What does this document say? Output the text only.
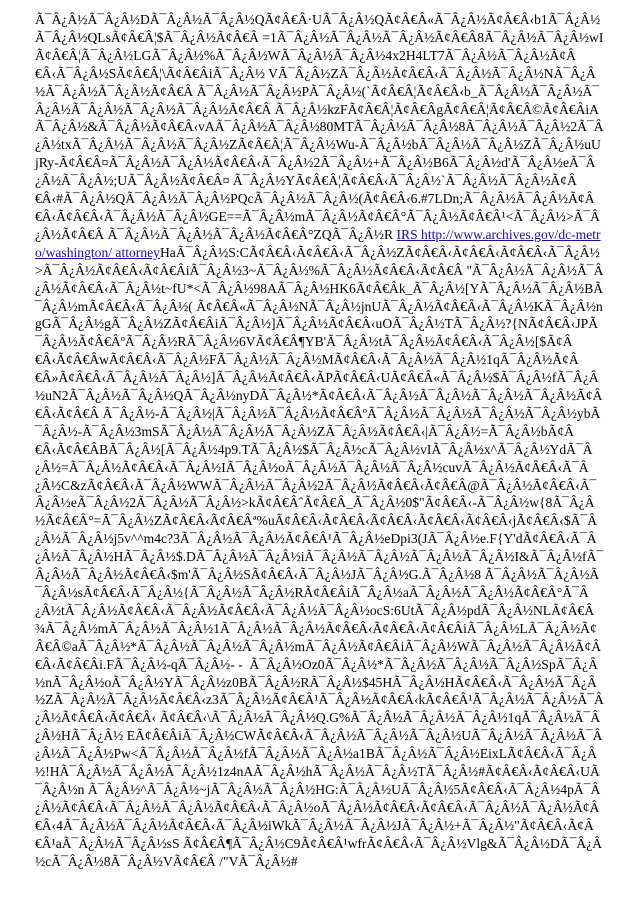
Ã¯Â¿Â½Ã¯Â¿Â½DÃ¯Â¿Â½Ã¯Â¿Â½QÃ¢Â€Â·UÃ¯Â¿Â½QÃ¢Â€Â«Ã¯Â¿Â½Ã¢Â€Â‹b1Ã¯Â¿Â½Ã¯Â¿Â½QLsÃ¢Â€Â¦$Ã¯Â¿Â½Ã¢Â€Â =1Ã¯Â¿Â½Ã¯Â¿Â½Ã¯Â¿Â½Ã¢Â€Â8Ã¯Â¿Â½Ã¯Â¿Â½wIÃ¢Â€Â¦Ã¯Â¿Â½LGÃ¯Â¿Â½%Ã¯Â¿Â½WÃ¯Â¿Â½Ã¯Â¿Â½4x2H4LT7Ã¯Â¿Â½Ã¯Â¿Â½Ã¢Â€Â‹Ã¯Â¿Â½SÃ¢Â€Â¦\Ã¢Â€ÂiÃ¯Â¿Â½ VÃ¯Â¿Â½ZÃ¯Â¿Â½Ã¢Â€Â‹Ã¯Â¿Â½Ã¯Â¿Â½NÃ¯Â¿Â½Ã¯Â¿Â½Ã¯Â¿Â½Ã¢Â€Â Ã¯Â¿Â½Ã¯Â¿Â½PÃ¯Â¿Â½(`Ã¢Â€Â¦Ã¢Â€Â‹b_Ã¯Â¿Â½Ã¯Â¿Â½Ã¯Â¿Â½Ã¯Â¿Â½Ã¯Â¿Â½Ã¯Â¿Â½Ã¢Â€Â Ã¯Â¿Â½kzFÃ¢Â€Â¦Ã¢Â€ÂgÃ¢Â€Â¦Ã¢Â€Â©Ã¢Â€ÂiAÃ¯Â¿Â½&Ã¯Â¿Â½Ã¢Â€Â‹vAÃ¯Â¿Â½Ã¯Â¿Â½80MTÃ¯Â¿Â½Ã¯Â¿Â½8Ã¯Â¿Â½Ã¯Â¿Â½2Ã¯Â¿Â½txÃ¯Â¿Â½Ã¯Â¿Â½Ã¯Â¿Â½ZÃ¢Â€Â¦Ã¯Â¿Â½Wu-Ã¯Â¿Â½bÃ¯Â¿Â½Ã¯Â¿Â½ZÃ¯Â¿Â½uUjRy-Ã¢Â€Â¤Ã¯Â¿Â½Ã¯Â¿Â½Ã¢Â€Â‹Ã¯Â¿Â½2Ã¯Â¿Â½+Ã¯Â¿Â½B6Ã¯Â¿Â½d'Ã¯Â¿Â½eÃ¯Â¿Â½Ã¯Â¿Â½;UÃ¯Â¿Â½Ã¢Â€Â¤ Ã¯Â¿Â½YÃ¢Â€Â¦Ã¢Â€Â‹Ã¯Â¿Â½`Ã¯Â¿Â½Ã¯Â¿Â½Ã¢Â€Â‹#Ã¯Â¿Â½QÃ¯Â¿Â½Ã¯Â¿Â½PQcÃ¯Â¿Â½Ã¯Â¿Â½(Ã¢Â€Â‹6.#7LDn;Ã¯Â¿Â½Ã¯Â¿Â½Ã¢Â€Â‹Ã¢Â€Â‹Ã¯Â¿Â½Ã¯Â¿Â½GE==Ã¯Â¿Â½mÃ¯Â¿Â½Ã¢Â€Â°Ã¯Â¿Â½Ã¢Â€Â¹<Ã¯Â¿Â½>Ã¯Â¿Â½Ã¢Â€Â Ã¯Â¿Â½Ã¯Â¿Â½Ã¯Â¿Â½Ã¢Â€Â°ZQÃ¯Â¿Â½R IRS http://www.archives.gov/dc-metro/washington/ attorneyHaÃ¯Â¿Â½S:CÃ¢Â€Â‹Ã¢Â€Â‹Ã¯Â¿Â½ZÃ¢Â€Â‹Ã¢Â€Â‹Ã¢Â€Â‹Ã¯Â¿Â½>Ã¯Â¿Â½Ã¢Â€Â‹Ã¢Â€ÂiÃ¯Â¿Â½3~Ã¯Â¿Â½%Ã¯Â¿Â½Ã¢Â€Â‹Ã¢Â€Â "Ã¯Â¿Â½Ã¯Â¿Â½Ã¯Â¿Â½Ã¢Â€Â‹Ã¯Â¿Â½t~fU*<Ã¯Â¿Â½98AÃ¯Â¿Â½HK6Ã¢Â€Âk_Ã¯Â¿Â½[YÃ¯Â¿Â½Ã¯Â¿Â½BÃ¯Â¿Â½mÃ¢Â€Â‹Ã¯Â¿Â½( Ã¢Â€Â«Ã¯Â¿Â½NÃ¯Â¿Â½jnUÃ¯Â¿Â½Ã¢Â€Â‹Ã¯Â¿Â½KÃ¯Â¿Â½ngGÃ¯Â¿Â½gÃ¯Â¿Â½ZÃ¢Â€ÂiÃ¯Â¿Â½]Ã¯Â¿Â½Ã¢Â€Â‹uOÃ¯Â¿Â½TÃ¯Â¿Â½?{NÃ¢Â€Â‹JPÃ¯Â¿Â½Ã¢Â€ÂºÃ¯Â¿Â½RÃ¯Â¿Â½6VÃ¢Â€Â¶YB'Ã¯Â¿Â½tÃ¯Â¿Â½Ã¢Â€Â‹Ã¯Â¿Â½[$Ã¢Â€Â‹Ã¢Â€ÂwÃ¢Â€Â‹Ã¯Â¿Â½FÃ¯Â¿Â½Ã¯Â¿Â½MÃ¢Â€Â‹Ã¯Â¿Â½Ã¯Â¿Â½1qÃ¯Â¿Â½Ã¢Â€Â»Ã¢Â€Â‹Ã¯Â¿Â½Ã¯Â¿Â½]Ã¯Â¿Â½Ã¢Â€Â‹ÃPÃ¢Â€Â‹UÃ¢Â€Â«Ã¯Â¿Â½$Ã¯Â¿Â½fÃ¯Â¿Â½uN2Ã¯Â¿Â½Ã¯Â¿Â½QÃ¯Â¿Â½nyDÃ¯Â¿Â½*Ã¢Â€Â‹Ã¯Â¿Â½Ã¯Â¿Â½Ã¯Â¿Â½Ã¯Â¿Â½Ã¢Â€Â‹Ã¢Â€Â Ã¯Â¿Â½-Ã¯Â¿Â½|Ã¯Â¿Â½Ã¯Â¿Â½Ã¢Â€ÂºÃ¯Â¿Â½Ã¯Â¿Â½Ã¯Â¿Â½Ã¯Â¿Â½ybÃ¯Â¿Â½-Ã¯Â¿Â½3mSÃ¯Â¿Â½Ã¯Â¿Â½Ã¯Â¿Â½ZÃ¯Â¿Â½Ã¢Â€Â‹|Ã¯Â¿Â½=Ã¯Â¿Â½bÃ¢Â€Â‹Ã¢Â€ÂBÃ¯Â¿Â½[Ã¯Â¿Â½4p9.TÃ¯Â¿Â½$Ã¯Â¿Â½cÃ¯Â¿Â½vIÃ¯Â¿Â½x^Ã¯Â¿Â½YdÃ¯Â¿Â½=Ã¯Â¿Â½Ã¢Â€Â‹Ã¯Â¿Â½IÃ¯Â¿Â½oÃ¯Â¿Â½Ã¯Â¿Â½Ã¯Â¿Â½cuvÃ¯Â¿Â½Ã¢Â€Â‹Ã¯Â¿Â½C&zÃ¢Â€Â‹Ã¯Â¿Â½WWÃ¯Â¿Â½Ã¯Â¿Â½2Ã¯Â¿Â½Ã¢Â€Â‹Ã¢Â€Â@Ã¯Â¿Â½Ã¢Â€Â‹Ã¯Â¿Â½eÃ¯Â¿Â½2Ã¯Â¿Â½Ã¯Â¿Â½>kÃ¢Â€ÂˆÃ¢Â€Â_Ã¯Â¿Â½0$"Ã¢Â€Â‹-Ã¯Â¿Â½w{8Ã¯Â¿Â½Ã¢Â€Â°=Ã¯Â¿Â½ZÃ¢Â€Â‹Ã¢Â€Âª%uÃ¢Â€Â‹Ã¢Â€Â‹Ã¢Â€Â‹Ã¢Â€Â‹Ã¢Â€Â‹jÃ¢Â€Â‹$Ã¯Â¿Â½Ã¯Â¿Â½j5v^^m4c?3Ã¯Â¿Â½Ã¯Â¿Â½Ã¢Â€Â¹Ã¯Â¿Â½eDpi3(JÃ¯Â¿Â½e.F{Y'dÃ¢Â€Â‹Ã¯Â¿Â½Ã¯Â¿Â½HÃ¯Â¿Â½$.DÃ¯Â¿Â½Ã¯Â¿Â½iÃ¯Â¿Â½Ã¯Â¿Â½Ã¯Â¿Â½Ã¯Â¿Â½I&Ã¯Â¿Â½fÃ¯Â¿Â½Ã¯Â¿Â½Ã¢Â€Â‹$m'Ã¯Â¿Â½SÃ¢Â€Â‹Ã¯Â¿Â½JÃ¯Â¿Â½G.Ã¯Â¿Â½8 Ã¯Â¿Â½Ã¯Â¿Â½Ã¯Â¿Â½sÃ¢Â€Â‹Ã¯Â¿Â½{Ã¯Â¿Â½Ã¯Â¿Â½RÃ¢Â€ÂiÃ¯Â¿Â½aÃ¯Â¿Â½Ã¯Â¿Â½Ã¢Â€Â°Ã¯Â¿Â½tÃ¯Â¿Â½Ã¢Â€Â‹Ã¯Â¿Â½Ã¢Â€Â‹Ã¯Â¿Â½Ã¯Â¿Â½ocS:6UtÃ¯Â¿Â½pdÃ¯Â¿Â½NLÃ¢Â€Â¾Ã¯Â¿Â½mÃ¯Â¿Â½Ã¯Â¿Â½1Ã¯Â¿Â½Ã¯Â¿Â½Ã¢Â€Â‹Ã¢Â€Â‹Ã¢Â€ÂiÃ¯Â¿Â½LÃ¯Â¿Â½Ã¢Â€Â©aÃ¯Â¿Â½*Ã¯Â¿Â½Ã¯Â¿Â½Ã¯Â¿Â½mÃ¯Â¿Â½Ã¢Â€ÂiÃ¯Â¿Â½WÃ¯Â¿Â½Ã¯Â¿Â½Ã¢Â€Â‹Ã¢Â€Âi.FÃ¯Â¿Â½-qÃ¯Â¿Â½- -  Ã¯Â¿Â½Oz0Ã¯Â¿Â½*Ã¯Â¿Â½Ã¯Â¿Â½Ã¯Â¿Â½SpÃ¯Â¿Â½nÃ¯Â¿Â½oÃ¯Â¿Â½YÃ¯Â¿Â½z0BÃ¯Â¿Â½RÃ¯Â¿Â½$45HÃ¯Â¿Â½HÃ¢Â€Â‹Ã¯Â¿Â½Ã¯Â¿Â½ZÃ¯Â¿Â½Ã¯Â¿Â½Ã¢Â€Â‹z3Ã¯Â¿Â½Ã¢Â€Â¹Ã¯Â¿Â½Ã¢Â€Â‹kÃ¢Â€Â¹Ã¯Â¿Â½Ã¯Â¿Â½Ã¯Â¿Â½Ã¢Â€Â‹Ã¢Â€Â‹ Ã¢Â€Â‹\Ã¯Â¿Â½Ã¯Â¿Â½Q.G%Ã¯Â¿Â½Ã¯Â¿Â½Ã¯Â¿Â½1qÃ¯Â¿Â½Ã¯Â¿Â½HÃ¯Â¿Â½ EÃ¢Â€ÂiÃ¯Â¿Â½CWÃ¢Â€Â‹Ã¯Â¿Â½Ã¯Â¿Â½Ã¯Â¿Â½UÃ¯Â¿Â½Ã¯Â¿Â½Ã¯Â¿Â½Ã¯Â¿Â½Pw<Ã¯Â¿Â½Ã¯Â¿Â½fÃ¯Â¿Â½Ã¯Â¿Â½a1BÃ¯Â¿Â½Ã¯Â¿Â½EixLÃ¢Â€Â‹Ã¯Â¿Â½!HÃ¯Â¿Â½Ã¯Â¿Â½Ã¯Â¿Â½1z4nAÃ¯Â¿Â½hÃ¯Â¿Â½Ã¯Â¿Â½TÃ¯Â¿Â½#Ã¢Â€Â‹Ã¢Â€Â‹UÃ¯Â¿Â½n Ã¯Â¿Â½^Ã¯Â¿Â½~jÃ¯Â¿Â½Ã¯Â¿Â½HG:Ã¯Â¿Â½UÃ¯Â¿Â½5Ã¢Â€Â‹Ã¯Â¿Â½4pÃ¯Â¿Â½Ã¢Â€Â‹Ã¯Â¿Â½Ã¯Â¿Â½Ã¢Â€Â‹Ã¯Â¿Â½oÃ¯Â¿Â½Ã¢Â€Â‹Ã¢Â€Â‹Ã¯Â¿Â½Ã¯Â¿Â½Ã¢Â€Â‹4Ã¯Â¿Â½Ã¯Â¿Â½Ã¢Â€Â‹Ã¯Â¿Â½iWkÃ¯Â¿Â½Ã¯Â¿Â½JÃ¯Â¿Â½+Ã¯Â¿Â½"Ã¢Â€Â‹Ã¢Â€Â¹aÃ¯Â¿Â½Ã¯Â¿Â½sS Ã¢Â€Â¶Ã¯Â¿Â½C9Ã¢Â€Â¹wfrÃ¢Â€Â‹Ã¯Â¿Â½Vlg&Ã¯Â¿Â½DÃ¯Â¿Â½cÃ¯Â¿Â½8Ã¯Â¿Â½VÃ¢Â€Â /"VÃ¯Â¿Â½#
